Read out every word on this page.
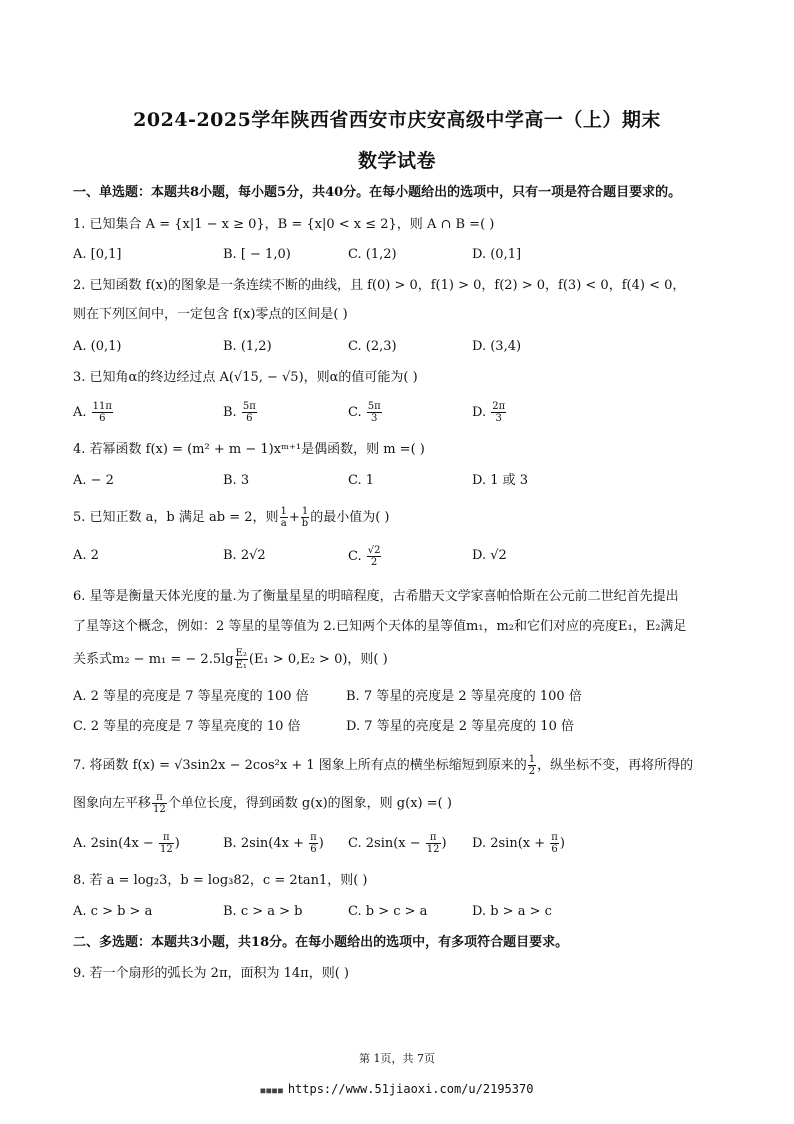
2024-2025学年陕西省西安市庆安高级中学高一（上）期末
数学试卷
一、单选题：本题共8小题，每小题5分，共40分。在每小题给出的选项中，只有一项是符合题目要求的。
1. 已知集合 A = {x|1 − x ≥ 0}，B = {x|0 < x ≤ 2}，则 A ∩ B =( )
A. [0,1]	B. [ − 1,0)	C. (1,2)	D. (0,1]
2. 已知函数 f(x)的图象是一条连续不断的曲线，且 f(0) > 0，f(1) > 0，f(2) > 0，f(3) < 0，f(4) < 0，
则在下列区间中，一定包含 f(x)零点的区间是( )
A. (0,1)	B. (1,2)	C. (2,3)	D. (3,4)
3. 已知角α的终边经过点 A(√15, − √5)，则α的值可能为( )
A. $\frac{11\pi}{6}$	B. $\frac{5\pi}{6}$	C. $\frac{5\pi}{3}$	D. $\frac{2\pi}{3}$
4. 若幂函数 f(x) = (m² + m − 1)xᵐ⁺¹是偶函数，则 m =( )
A. − 2	B. 3	C. 1	D. 1 或 3
5. 已知正数 a，b 满足 ab = 2，则 $\frac{1}{a} + \frac{1}{b}$ 的最小值为( )
A. 2	B. 2√2	C. $\frac{√2}{2}$	D. √2
6. 星等是衡量天体光度的量.为了衡量星星的明暗程度，古希腊天文学家喜帕恰斯在公元前二世纪首先提出
了星等这个概念，例如：2 等星的星等值为 2.已知两个天体的星等值m₁，m₂和它们对应的亮度E₁，E₂满足
关系式m₂ − m₁ = − $2.5\lg \frac{\text{E₂}}{\text{E₁}} (E_1 > 0,E_2 > 0)$，则( )
A. 2 等星的亮度是 7 等星亮度的 100 倍	B. 7 等星的亮度是 2 等星亮度的 100 倍
C. 2 等星的亮度是 7 等星亮度的 10 倍	D. 7 等星的亮度是 2 等星亮度的 10 倍
7. 将函数 f(x) = √3sin2x − 2cos²x + 1 图象上所有点的横坐标缩短到原来的 $\frac{1}{2}$ ，纵坐标不变，再将所得的
图象向左平移 $\frac{\pi}{12}$ 个单位长度，得到函数 g(x)的图象，则 g(x) =( )
A. $2\sin(4x - \frac{\pi}{12}$ )	B. $2\sin(4x + \frac{\pi}{6}$ ) C. $2\sin(x - \frac{\pi}{12}$ ) D. $2\sin(x + \frac{\pi}{6}$ )
8. 若 a = log₂3，b = log₃82，c = 2tan1，则( )
A. c > b > a	B. c > a > b	C. b > c > a	D. b > a > c
二、多选题：本题共3小题，共18分。在每小题给出的选项中，有多项符合题目要求。
9. 若一个扇形的弧长为 2π，面积为 14π，则( )
第 1页，共 7页
■■■■ https://www.51jiaoxi.com/u/2195370
